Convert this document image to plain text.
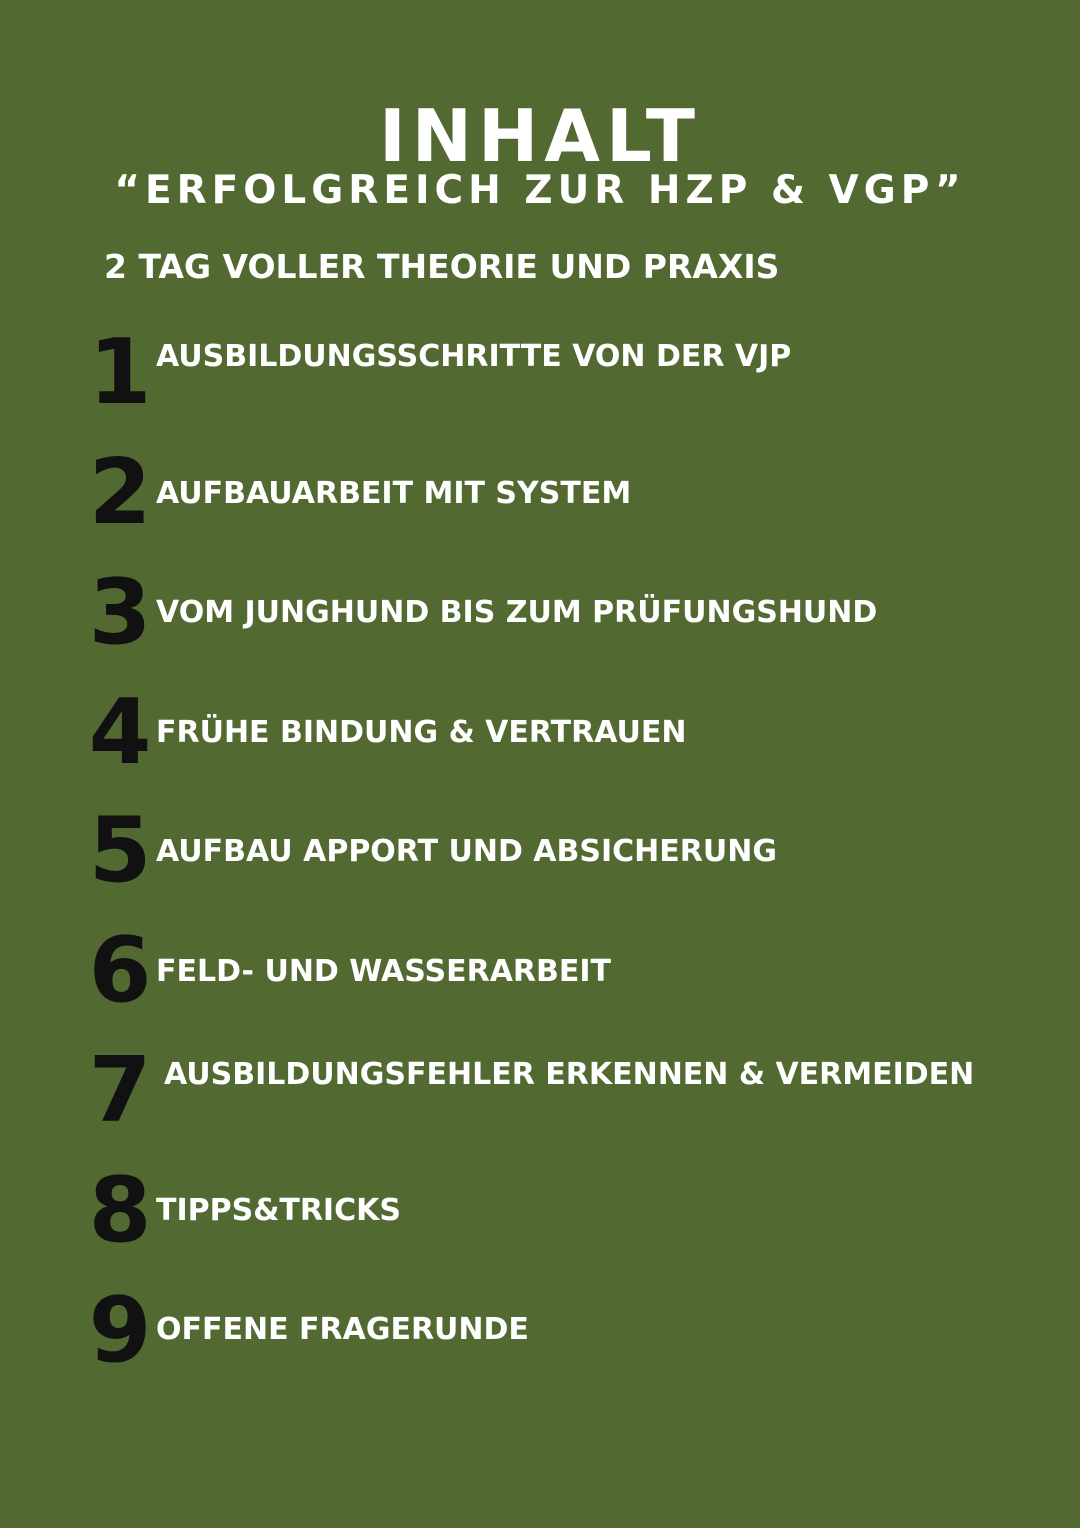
INHALT
“ERFOLGREICH ZUR HZP & VGP”
2 TAG VOLLER THEORIE UND PRAXIS
1 AUSBILDUNGSSCHRITTE VON DER VJP
2 AUFBAUARBEIT MIT SYSTEM
3 VOM JUNGHUND BIS ZUM PRÜFUNGSHUND
4 FRÜHE BINDUNG & VERTRAUEN
5 AUFBAU APPORT UND ABSICHERUNG
6 FELD- UND WASSERARBEIT
7 AUSBILDUNGSFEHLER ERKENNEN & VERMEIDEN
8 TIPPS&TRICKS
9 OFFENE FRAGERUNDE
